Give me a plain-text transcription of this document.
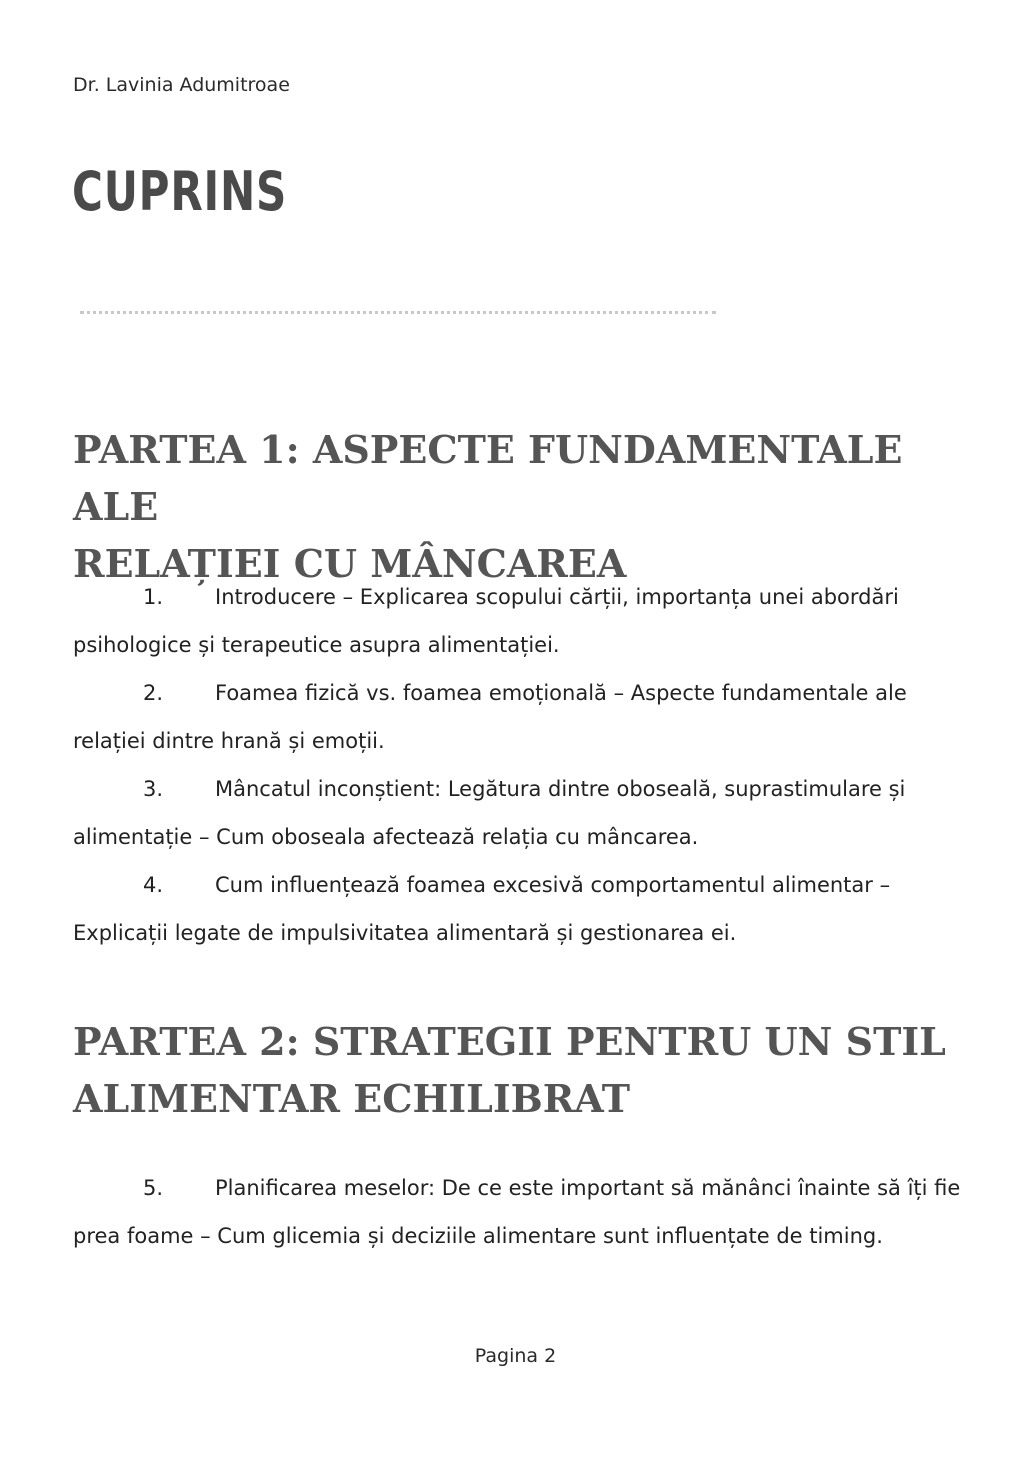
Dr. Lavinia Adumitroae
CUPRINS
PARTEA 1: ASPECTE FUNDAMENTALE ALE
RELAȚIEI CU MÂNCAREA
1. Introducere – Explicarea scopului cărții, importanța unei abordări psihologice și terapeutice asupra alimentației.
2. Foamea fizică vs. foamea emoțională – Aspecte fundamentale ale relației dintre hrană și emoții.
3. Mâncatul inconștient: Legătura dintre oboseală, suprastimulare și alimentație – Cum oboseala afectează relația cu mâncarea.
4. Cum influențează foamea excesivă comportamentul alimentar – Explicații legate de impulsivitatea alimentară și gestionarea ei.
PARTEA 2: STRATEGII PENTRU UN STIL
ALIMENTAR ECHILIBRAT
5. Planificarea meselor: De ce este important să mănânci înainte să îți fie prea foame – Cum glicemia și deciziile alimentare sunt influențate de timing.
Pagina 2
